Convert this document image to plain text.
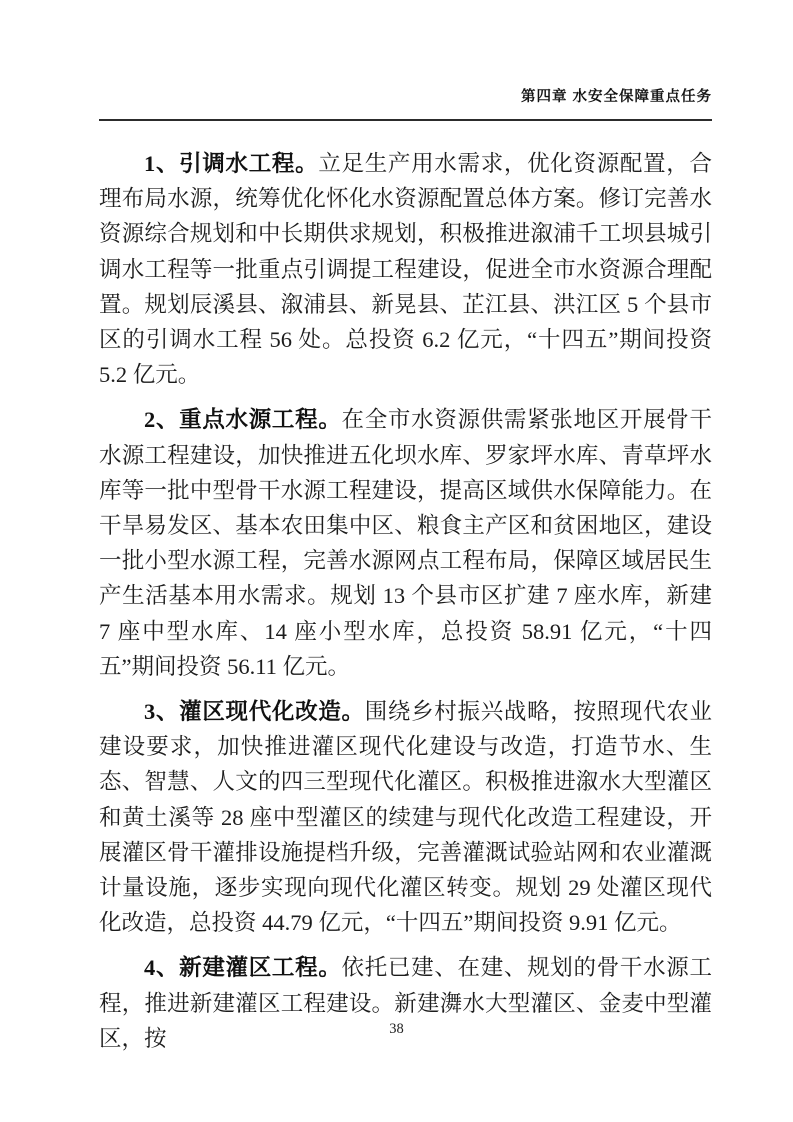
第四章 水安全保障重点任务

1、引调水工程。立足生产用水需求，优化资源配置，合理布局水源，统筹优化怀化水资源配置总体方案。修订完善水资源综合规划和中长期供求规划，积极推进溆浦千工坝县城引调水工程等一批重点引调提工程建设，促进全市水资源合理配置。规划辰溪县、溆浦县、新晃县、芷江县、洪江区 5 个县市区的引调水工程 56 处。总投资 6.2 亿元，“十四五”期间投资 5.2 亿元。

2、重点水源工程。在全市水资源供需紧张地区开展骨干水源工程建设，加快推进五化坝水库、罗家坪水库、青草坪水库等一批中型骨干水源工程建设，提高区域供水保障能力。在干旱易发区、基本农田集中区、粮食主产区和贫困地区，建设一批小型水源工程，完善水源网点工程布局，保障区域居民生产生活基本用水需求。规划 13 个县市区扩建 7 座水库，新建 7 座中型水库、14 座小型水库，总投资 58.91 亿元，“十四五”期间投资 56.11 亿元。

3、灌区现代化改造。围绕乡村振兴战略，按照现代农业建设要求，加快推进灌区现代化建设与改造，打造节水、生态、智慧、人文的四三型现代化灌区。积极推进溆水大型灌区和黄土溪等 28 座中型灌区的续建与现代化改造工程建设，开展灌区骨干灌排设施提档升级，完善灌溉试验站网和农业灌溉计量设施，逐步实现向现代化灌区转变。规划 29 处灌区现代化改造，总投资 44.79 亿元，“十四五”期间投资 9.91 亿元。

4、新建灌区工程。依托已建、在建、规划的骨干水源工程，推进新建灌区工程建设。新建㵲水大型灌区、金麦中型灌区，按	38
